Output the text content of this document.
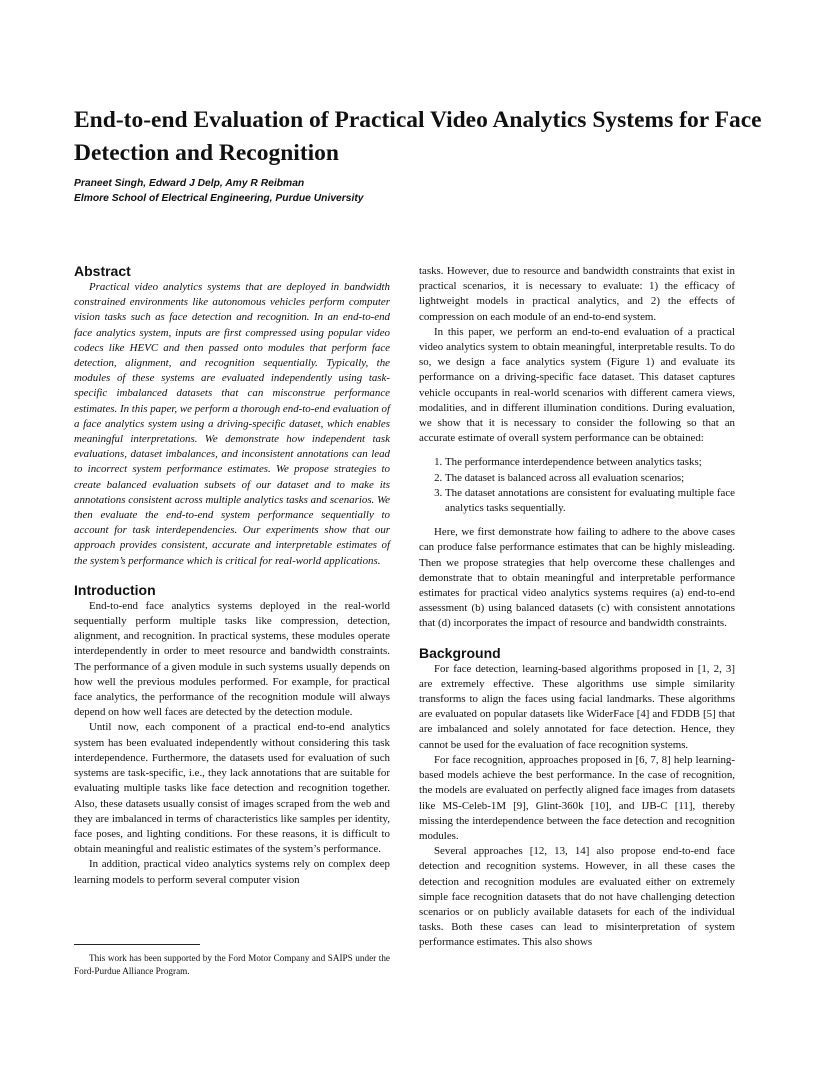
End-to-end Evaluation of Practical Video Analytics Systems for Face Detection and Recognition
Praneet Singh, Edward J Delp, Amy R Reibman
Elmore School of Electrical Engineering, Purdue University
Abstract

Practical video analytics systems that are deployed in bandwidth constrained environments like autonomous vehicles perform computer vision tasks such as face detection and recognition. In an end-to-end face analytics system, inputs are first compressed using popular video codecs like HEVC and then passed onto modules that perform face detection, alignment, and recognition sequentially. Typically, the modules of these systems are evaluated independently using task-specific imbalanced datasets that can misconstrue performance estimates. In this paper, we perform a thorough end-to-end evaluation of a face analytics system using a driving-specific dataset, which enables meaningful interpretations. We demonstrate how independent task evaluations, dataset imbalances, and inconsistent annotations can lead to incorrect system performance estimates. We propose strategies to create balanced evaluation subsets of our dataset and to make its annotations consistent across multiple analytics tasks and scenarios. We then evaluate the end-to-end system performance sequentially to account for task interdependencies. Our experiments show that our approach provides consistent, accurate and interpretable estimates of the system’s performance which is critical for real-world applications.

Introduction

End-to-end face analytics systems deployed in the real-world sequentially perform multiple tasks like compression, detection, alignment, and recognition. In practical systems, these modules operate interdependently in order to meet resource and bandwidth constraints. The performance of a given module in such systems usually depends on how well the previous modules performed. For example, for practical face analytics, the performance of the recognition module will always depend on how well faces are detected by the detection module.

Until now, each component of a practical end-to-end analytics system has been evaluated independently without considering this task interdependence. Furthermore, the datasets used for evaluation of such systems are task-specific, i.e., they lack annotations that are suitable for evaluating multiple tasks like face detection and recognition together. Also, these datasets usually consist of images scraped from the web and they are imbalanced in terms of characteristics like samples per identity, face poses, and lighting conditions. For these reasons, it is difficult to obtain meaningful and realistic estimates of the system’s performance.

In addition, practical video analytics systems rely on complex deep learning models to perform several computer vision

This work has been supported by the Ford Motor Company and SAIPS under the Ford-Purdue Alliance Program.

tasks. However, due to resource and bandwidth constraints that exist in practical scenarios, it is necessary to evaluate: 1) the efficacy of lightweight models in practical analytics, and 2) the effects of compression on each module of an end-to-end system.

In this paper, we perform an end-to-end evaluation of a practical video analytics system to obtain meaningful, interpretable results. To do so, we design a face analytics system (Figure 1) and evaluate its performance on a driving-specific face dataset. This dataset captures vehicle occupants in real-world scenarios with different camera views, modalities, and in different illumination conditions. During evaluation, we show that it is necessary to consider the following so that an accurate estimate of overall system performance can be obtained:

1. The performance interdependence between analytics tasks;
2. The dataset is balanced across all evaluation scenarios;
3. The dataset annotations are consistent for evaluating multiple face analytics tasks sequentially.

Here, we first demonstrate how failing to adhere to the above cases can produce false performance estimates that can be highly misleading. Then we propose strategies that help overcome these challenges and demonstrate that to obtain meaningful and interpretable performance estimates for practical video analytics systems requires (a) end-to-end assessment (b) using balanced datasets (c) with consistent annotations that (d) incorporates the impact of resource and bandwidth constraints.

Background

For face detection, learning-based algorithms proposed in [1, 2, 3] are extremely effective. These algorithms use simple similarity transforms to align the faces using facial landmarks. These algorithms are evaluated on popular datasets like WiderFace [4] and FDDB [5] that are imbalanced and solely annotated for face detection. Hence, they cannot be used for the evaluation of face recognition systems.

For face recognition, approaches proposed in [6, 7, 8] help learning-based models achieve the best performance. In the case of recognition, the models are evaluated on perfectly aligned face images from datasets like MS-Celeb-1M [9], Glint-360k [10], and IJB-C [11], thereby missing the interdependence between the face detection and recognition modules.

Several approaches [12, 13, 14] also propose end-to-end face detection and recognition systems. However, in all these cases the detection and recognition modules are evaluated either on extremely simple face recognition datasets that do not have challenging detection scenarios or on publicly available datasets for each of the individual tasks. Both these cases can lead to misinterpretation of system performance estimates. This also shows
